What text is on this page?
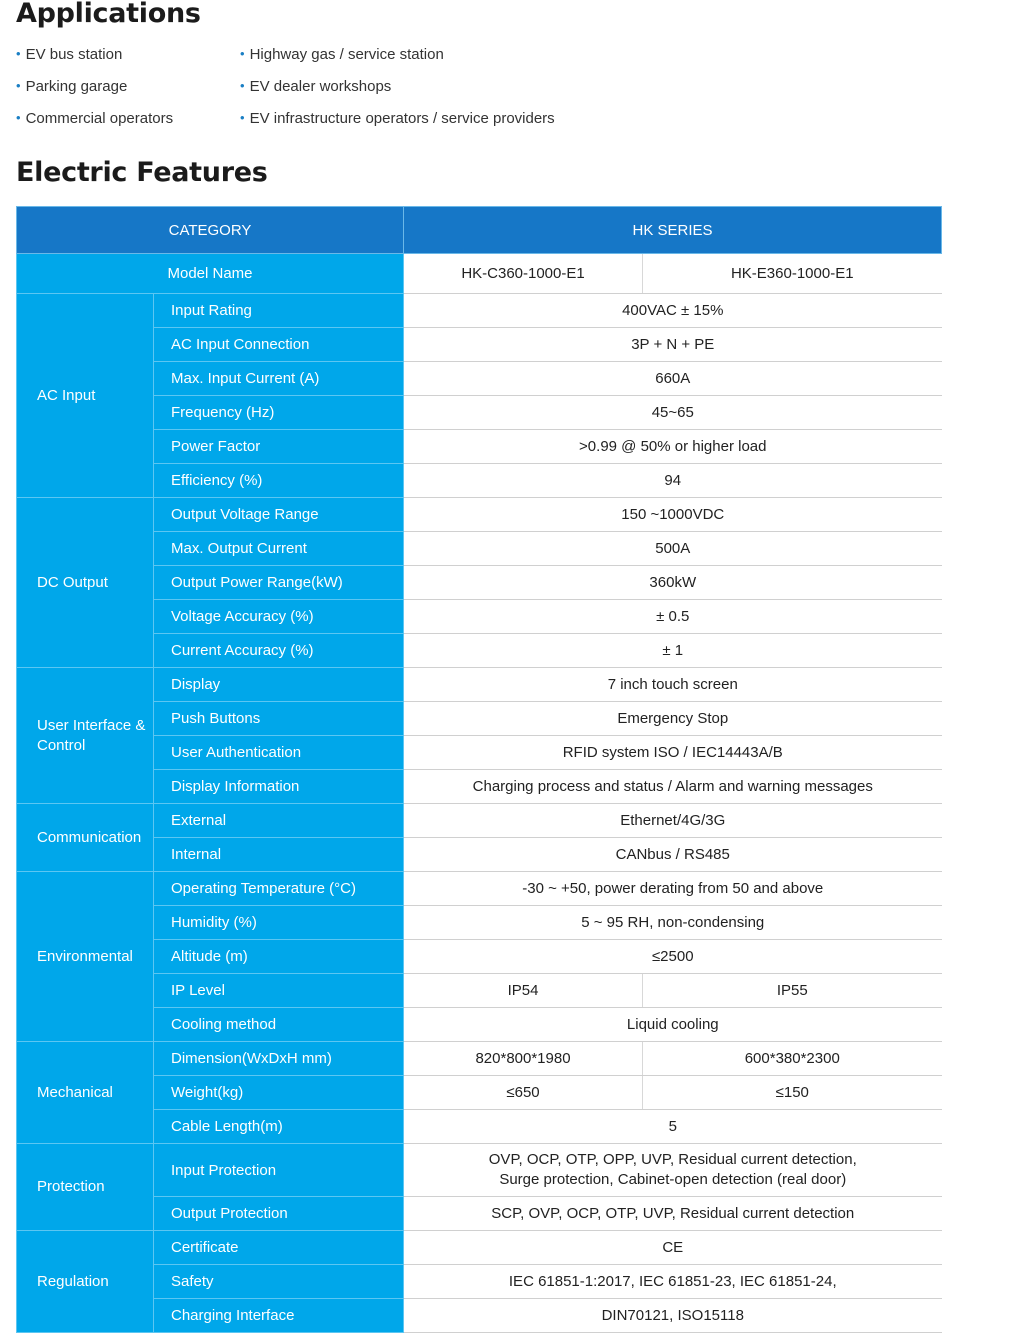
Applications
• EV bus station	• Highway gas / service station
• Parking garage	• EV dealer workshops
• Commercial operators	• EV infrastructure operators / service providers
Electric Features
CATEGORY		HK SERIES	
Model Name		HK-C360-1000-E1	HK-E360-1000-E1
AC Input	Input Rating	400VAC ± 15%	
	AC Input Connection	3P + N + PE	
	Max. Input Current (A)	660A	
	Frequency (Hz)	45~65	
	Power Factor	>0.99 @ 50% or higher load	
	Efficiency (%)	94	
DC Output	Output Voltage Range	150 ~1000VDC	
	Max. Output Current	500A	
	Output Power Range(kW)	360kW	
	Voltage Accuracy (%)	± 0.5	
	Current Accuracy (%)	± 1	
User Interface & Control	Display	7 inch touch screen	
	Push Buttons	Emergency Stop	
	User Authentication	RFID system ISO / IEC14443A/B	
	Display Information	Charging process and status / Alarm and warning messages	
Communication	External	Ethernet/4G/3G	
	Internal	CANbus / RS485	
Environmental	Operating Temperature (°C)	-30 ~ +50, power derating from 50 and above	
	Humidity (%)	5 ~ 95 RH, non-condensing	
	Altitude (m)	≤2500	
	IP Level	IP54	IP55
	Cooling method	Liquid cooling	
Mechanical	Dimension(WxDxH mm)	820*800*1980	600*380*2300
	Weight(kg)	≤650	≤150
	Cable Length(m)	5	
Protection	Input Protection	OVP, OCP, OTP, OPP, UVP, Residual current detection,
Surge protection, Cabinet-open detection (real door)	

	Output Protection	SCP, OVP, OCP, OTP, UVP, Residual current detection	
Regulation	Certificate	CE	
	Safety	IEC 61851-1:2017, IEC 61851-23, IEC 61851-24,	
	Charging Interface	DIN70121, ISO15118	
